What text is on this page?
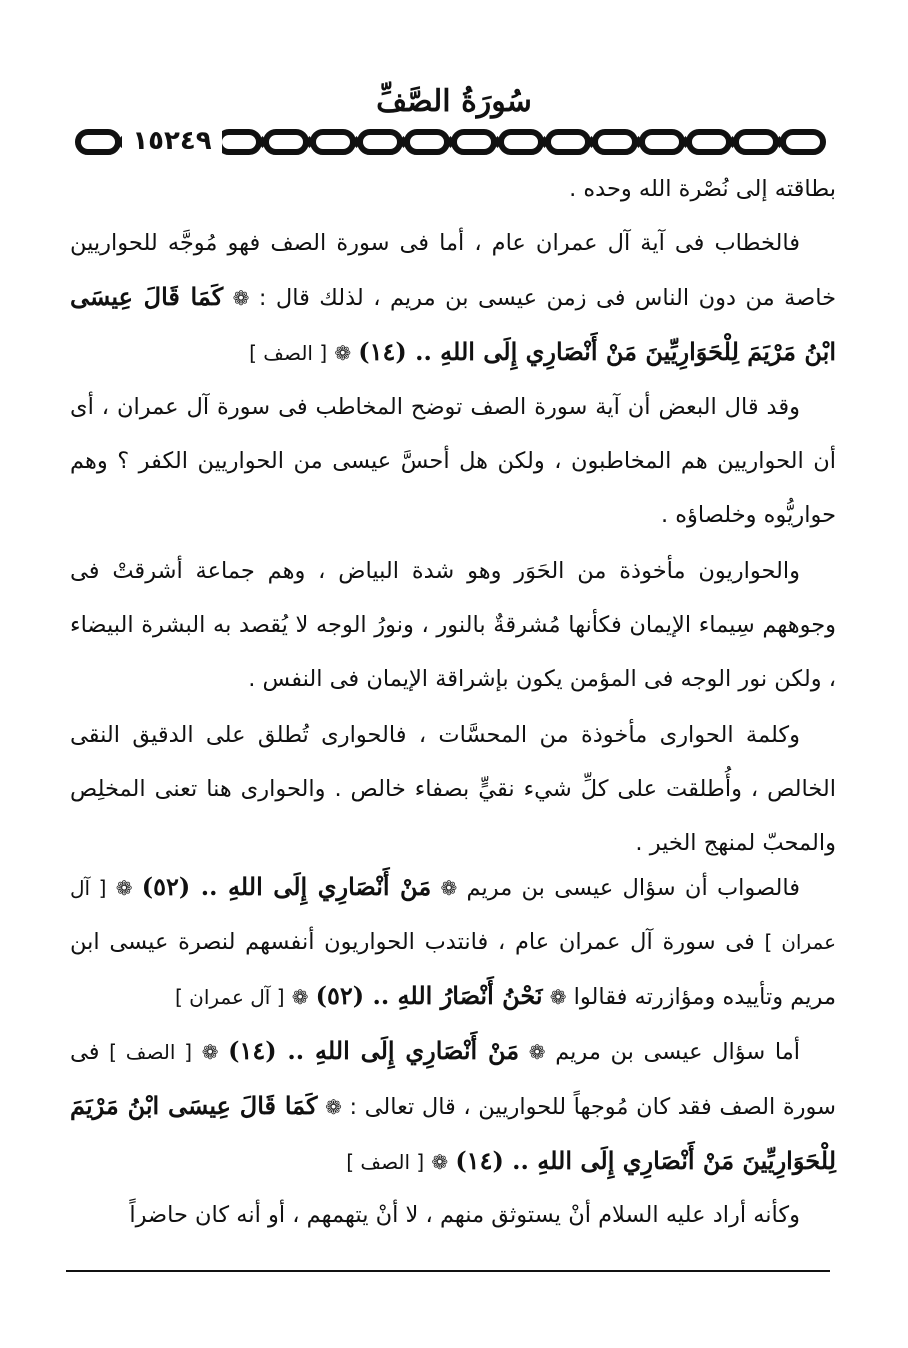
سُورَةُ الصَّفِّ
١٥٢٤٩

بطاقته إلى نُصْرة الله وحده .

فالخطاب فى آية آل عمران عام ، أما فى سورة الصف فهو مُوجَّه للحواريين خاصة من دون الناس فى زمن عيسى بن مريم ، لذلك قال : ❁ كَمَا قَالَ عِيسَى ابْنُ مَرْيَمَ لِلْحَوَارِيِّينَ مَنْ أَنْصَارِي إِلَى اللهِ .. (١٤) ❁ [ الصف ]

وقد قال البعض أن آية سورة الصف توضح المخاطب فى سورة آل عمران ، أى أن الحواريين هم المخاطبون ، ولكن هل أحسَّ عيسى من الحواريين الكفر ؟ وهم حواريُّوه وخلصاؤه .

والحواريون مأخوذة من الحَوَر وهو شدة البياض ، وهم جماعة أشرقتْ فى وجوههم سِيماء الإيمان فكأنها مُشرقةٌ بالنور ، ونورُ الوجه لا يُقصد به البشرة البيضاء ، ولكن نور الوجه فى المؤمن يكون بإشراقة الإيمان فى النفس .

وكلمة الحوارى مأخوذة من المحسَّات ، فالحوارى تُطلق على الدقيق النقى الخالص ، وأُطلقت على كلِّ شيء نقيٍّ بصفاء خالص . والحوارى هنا تعنى المخلِص والمحبّ لمنهج الخير .

فالصواب أن سؤال عيسى بن مريم ❁ مَنْ أَنْصَارِي إِلَى اللهِ .. (٥٢) ❁ [ آل عمران ] فى سورة آل عمران عام ، فانتدب الحواريون أنفسهم لنصرة عيسى ابن مريم وتأييده ومؤازرته فقالوا ❁ نَحْنُ أَنْصَارُ اللهِ .. (٥٢) ❁ [ آل عمران ]

أما سؤال عيسى بن مريم ❁ مَنْ أَنْصَارِي إِلَى اللهِ .. (١٤) ❁ [ الصف ] فى سورة الصف فقد كان مُوجهاً للحواريين ، قال تعالى : ❁ كَمَا قَالَ عِيسَى ابْنُ مَرْيَمَ لِلْحَوَارِيِّينَ مَنْ أَنْصَارِي إِلَى اللهِ .. (١٤) ❁ [ الصف ]

وكأنه أراد عليه السلام أنْ يستوثق منهم ، لا أنْ يتهمهم ، أو أنه كان حاضراً
